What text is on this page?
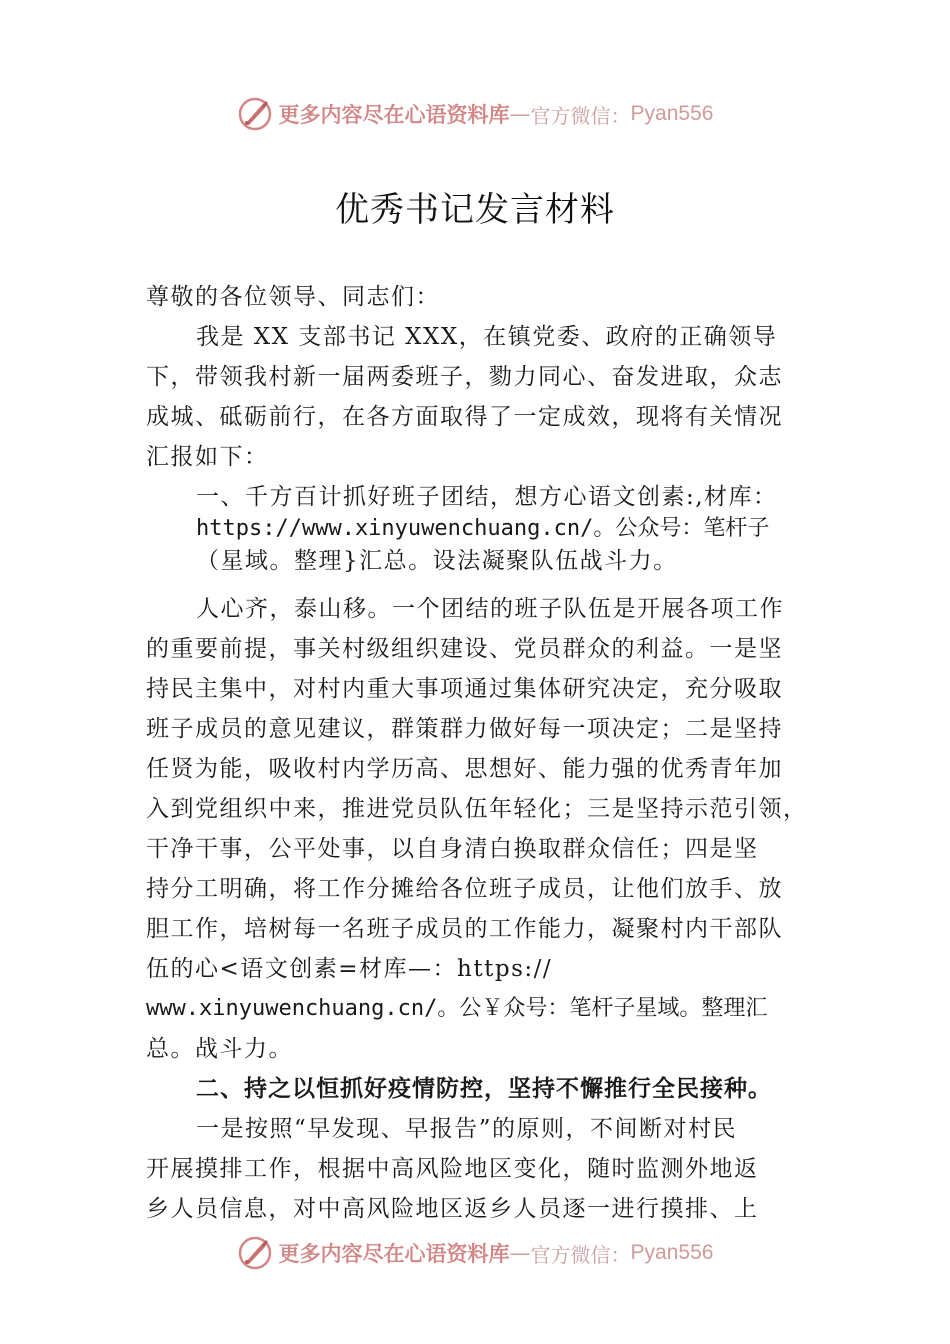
更多内容尽在心语资料库 — 官方微信 ： Pyan556
优秀书记发言材料
尊敬的各位领导、同志们：
我是 XX 支部书记 XXX，在镇党委、政府的正确领导
下，带领我村新一届两委班子，勠力同心、奋发进取，众志
成城、砥砺前行，在各方面取得了一定成效，现将有关情况
汇报如下：
一、千方百计抓好班子团结，想方心语文创素:,材库：
https://www.xinyuwenchuang.cn/。公众号：笔杆子
（星域。整理}汇总。设法凝聚队伍战斗力。
人心齐，泰山移。一个团结的班子队伍是开展各项工作
的重要前提，事关村级组织建设、党员群众的利益。一是坚
持民主集中，对村内重大事项通过集体研究决定，充分吸取
班子成员的意见建议，群策群力做好每一项决定；二是坚持
任贤为能，吸收村内学历高、思想好、能力强的优秀青年加
入到党组织中来，推进党员队伍年轻化；三是坚持示范引领，
干净干事，公平处事，以自身清白换取群众信任；四是坚
持分工明确，将工作分摊给各位班子成员，让他们放手、放
胆工作，培树每一名班子成员的工作能力，凝聚村内干部队
伍的心<语文创素=材库—：https://
www.xinyuwenchuang.cn/。公￥众号：笔杆子星域。整理汇
总。战斗力。
二、持之以恒抓好疫情防控，坚持不懈推行全民接种。
一是按照“早发现、早报告”的原则，不间断对村民
开展摸排工作，根据中高风险地区变化，随时监测外地返
乡人员信息，对中高风险地区返乡人员逐一进行摸排、上
更多内容尽在心语资料库 — 官方微信 ： Pyan556
